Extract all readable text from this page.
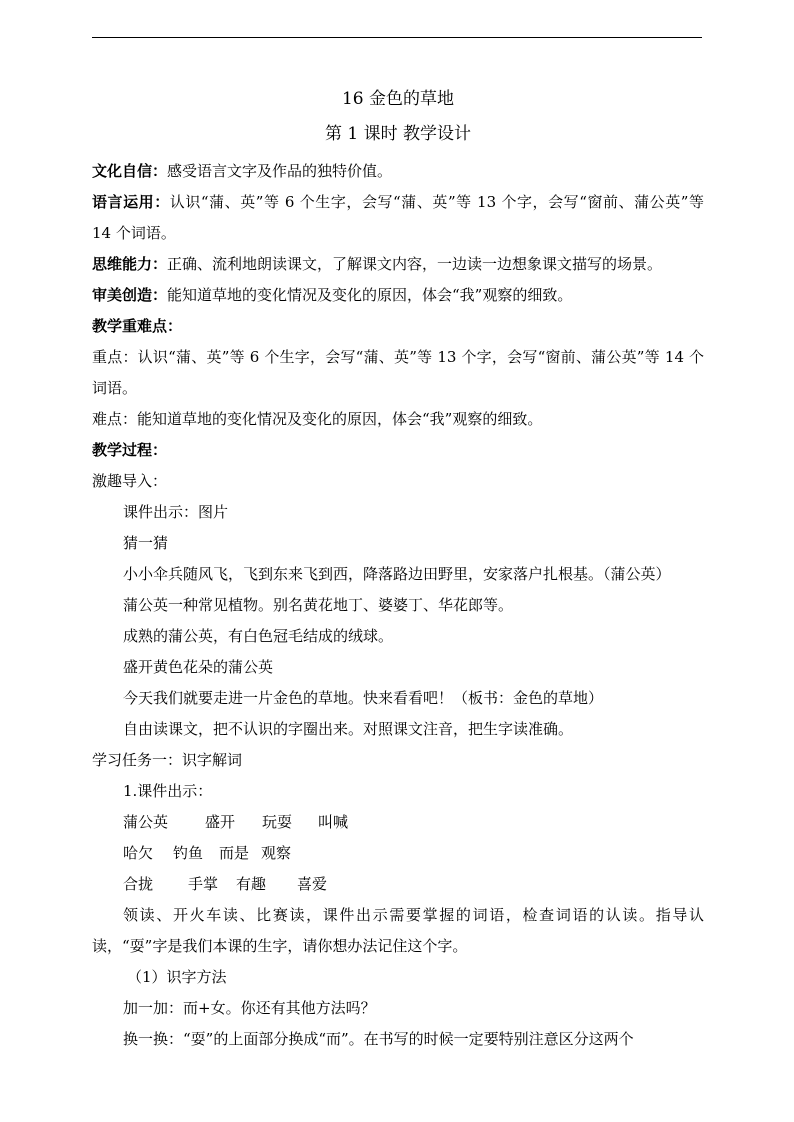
16 金色的草地

第 1 课时 教学设计

文化自信：感受语言文字及作品的独特价值。

语言运用：认识“蒲、英”等 6 个生字，会写“蒲、英”等 13 个字，会写“窗前、蒲公英”等 14 个词语。

思维能力：正确、流利地朗读课文，了解课文内容，一边读一边想象课文描写的场景。

审美创造：能知道草地的变化情况及变化的原因，体会“我”观察的细致。

教学重难点：

重点：认识“蒲、英”等 6 个生字，会写“蒲、英”等 13 个字，会写“窗前、蒲公英”等 14 个词语。

难点：能知道草地的变化情况及变化的原因，体会“我”观察的细致。

教学过程：

激趣导入：

课件出示：图片

猜一猜

小小伞兵随风飞，飞到东来飞到西，降落路边田野里，安家落户扎根基。（蒲公英）

蒲公英一种常见植物。别名黄花地丁、婆婆丁、华花郎等。

成熟的蒲公英，有白色冠毛结成的绒球。

盛开黄色花朵的蒲公英

今天我们就要走进一片金色的草地。快来看看吧！（板书：金色的草地）

自由读课文，把不认识的字圈出来。对照课文注音，把生字读准确。

学习任务一：识字解词

1.课件出示：

蒲公英 盛开 玩耍 叫喊

哈欠 钓鱼 而是 观察

合拢 手掌 有趣 喜爱

领读、开火车读、比赛读，课件出示需要掌握的词语，检查词语的认读。指导认读，“耍”字是我们本课的生字，请你想办法记住这个字。

（1）识字方法

加一加：而+女。你还有其他方法吗？

换一换：“耍”的上面部分换成“而”。在书写的时候一定要特别注意区分这两个
